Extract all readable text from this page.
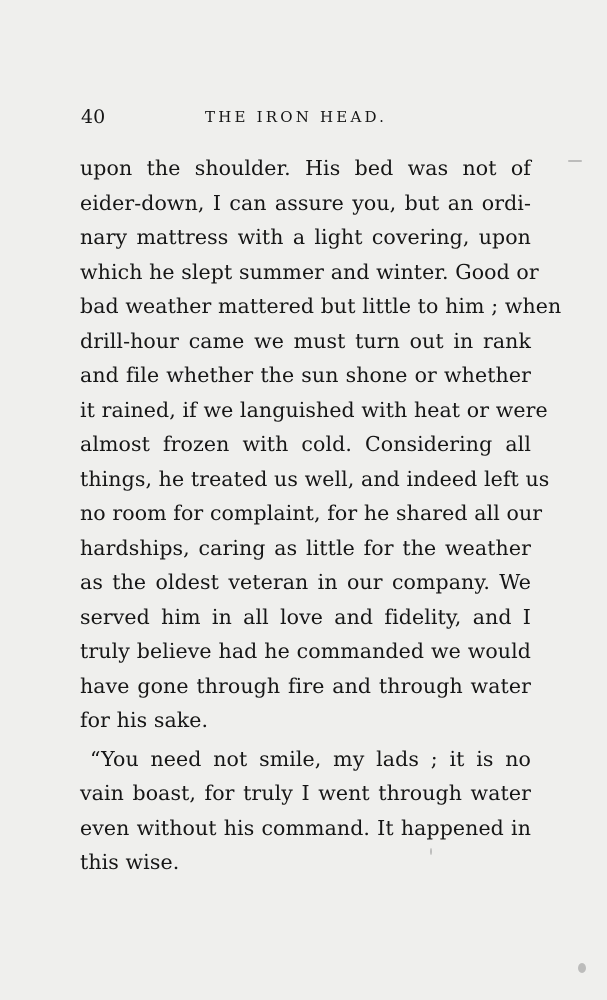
40	THE IRON HEAD.
upon the shoulder. His bed was not of
eider-down, I can assure you, but an ordi-
nary mattress with a light covering, upon
which he slept summer and winter. Good or
bad weather mattered but little to him ; when
drill-hour came we must turn out in rank
and file whether the sun shone or whether
it rained, if we languished with heat or were
almost frozen with cold. Considering all
things, he treated us well, and indeed left us
no room for complaint, for he shared all our
hardships, caring as little for the weather
as the oldest veteran in our company. We
served him in all love and fidelity, and I
truly believe had he commanded we would
have gone through fire and through water
for his sake.
“You need not smile, my lads ; it is no
vain boast, for truly I went through water
even without his command. It happened in
this wise.
